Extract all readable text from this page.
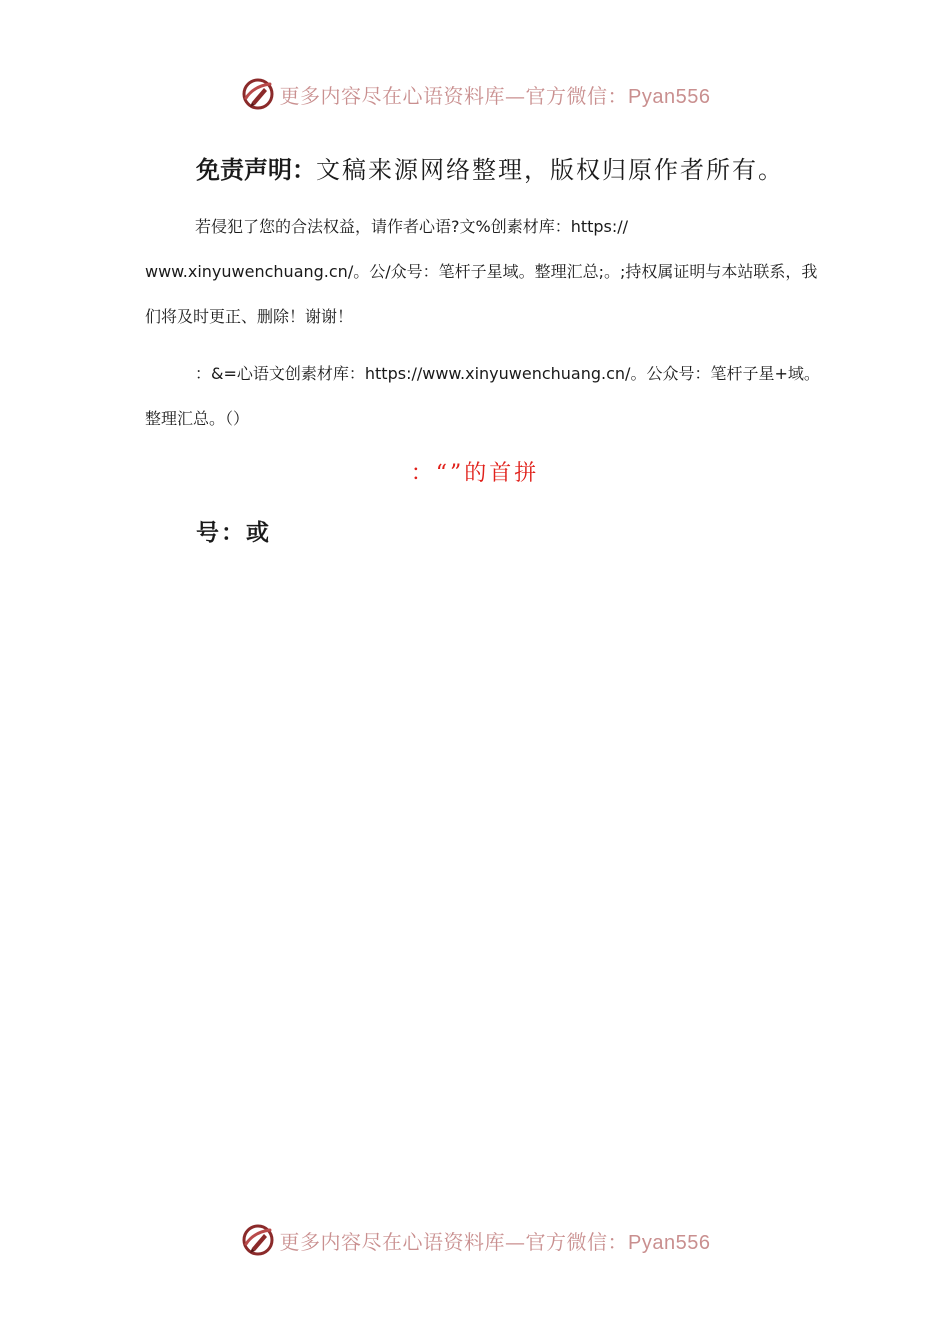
更多内容尽在心语资料库—官方微信：Pyan556
免责声明：文稿来源网络整理，版权归原作者所有。
若侵犯了您的合法权益，请作者心语?文%创素材库：https:// www.xinyuwenchuang.cn/。公/众号：笔杆子星域。整理汇总;。;持权属证明与本站联系，我们将及时更正、删除！谢谢！
：&=心语文创素材库：https://www.xinyuwenchuang.cn/。公众号：笔杆子星+域。整理汇总。（）
：“”的首拼
号：或
更多内容尽在心语资料库—官方微信：Pyan556
